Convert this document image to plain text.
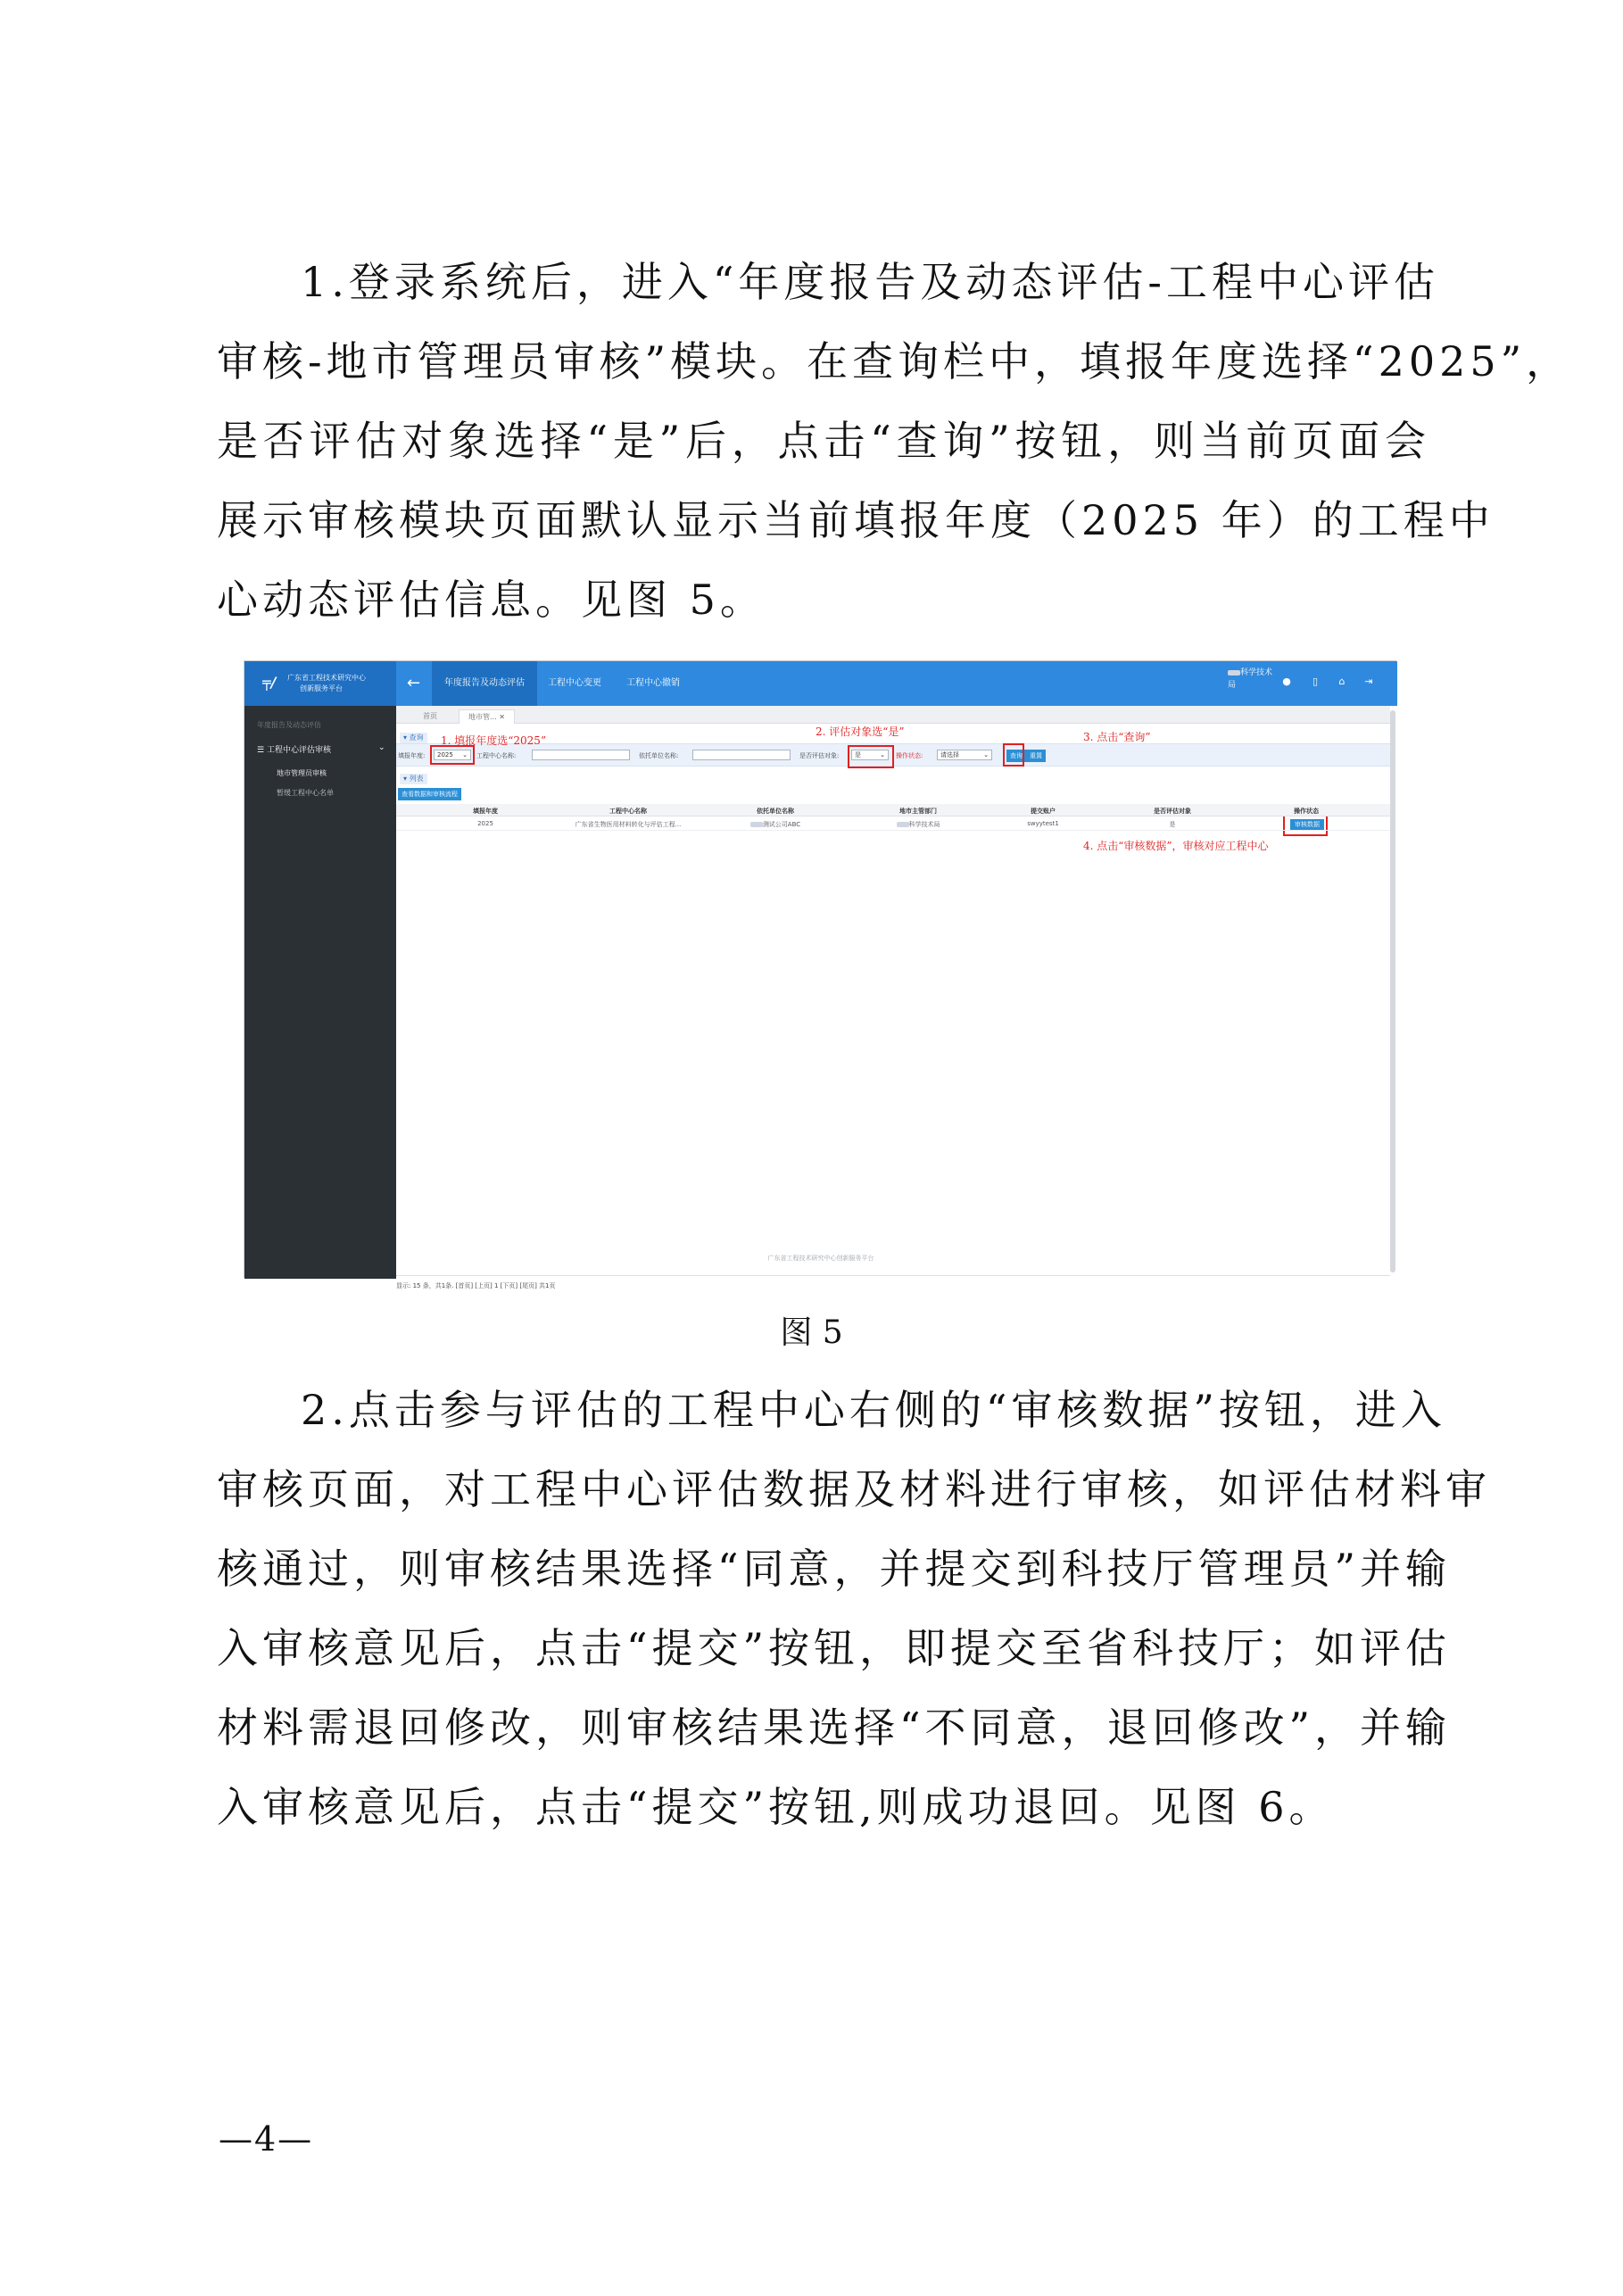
1.登录系统后，进入“年度报告及动态评估-工程中心评估
审核-地市管理员审核”模块。在查询栏中，填报年度选择“2025”，
是否评估对象选择“是”后，点击“查询”按钮，则当前页面会
展示审核模块页面默认显示当前填报年度（2025 年）的工程中
心动态评估信息。见图 5。
╤/	广东省工程技术研究中心
创新服务平台	←	年度报告及动态评估	工程中心变更	工程中心撤销
科学技术
局	●	▯	⌂	⇥
年度报告及动态评估
☰ 工程中心评估审核	⌄
地市管理员审核
暂缓工程中心名单
首页	地市管... ✕
▾ 查询
填报年度:	2025 ⌄ 工程中心名称:	依托单位名称:	是否评估对象:	是	⌄ 操作状态:	请选择	⌄	查询	重置
1. 填报年度选“2025”
2. 评估对象选“是”	3. 点击“查询”
4. 点击“审核数据”，审核对应工程中心
▾ 列表
查看数据和审核流程
填报年度	工程中心名称	依托单位名称	地市主管部门	提交账户	是否评估对象	操作状态
2025	广东省生物医用材料转化与评估工程...	测试公司ABC	科学技术局	swyytest1	是	审核数据
显示: 15 条，共1条. [首页] [上页] 1 [下页] [尾页] 共1页
广东省工程技术研究中心创新服务平台
图 5
2.点击参与评估的工程中心右侧的“审核数据”按钮，进入
审核页面，对工程中心评估数据及材料进行审核，如评估材料审
核通过，则审核结果选择“同意，并提交到科技厅管理员”并输
入审核意见后，点击“提交”按钮，即提交至省科技厅；如评估
材料需退回修改，则审核结果选择“不同意，退回修改”，并输
入审核意见后，点击“提交”按钮,则成功退回。见图 6。
—4—
